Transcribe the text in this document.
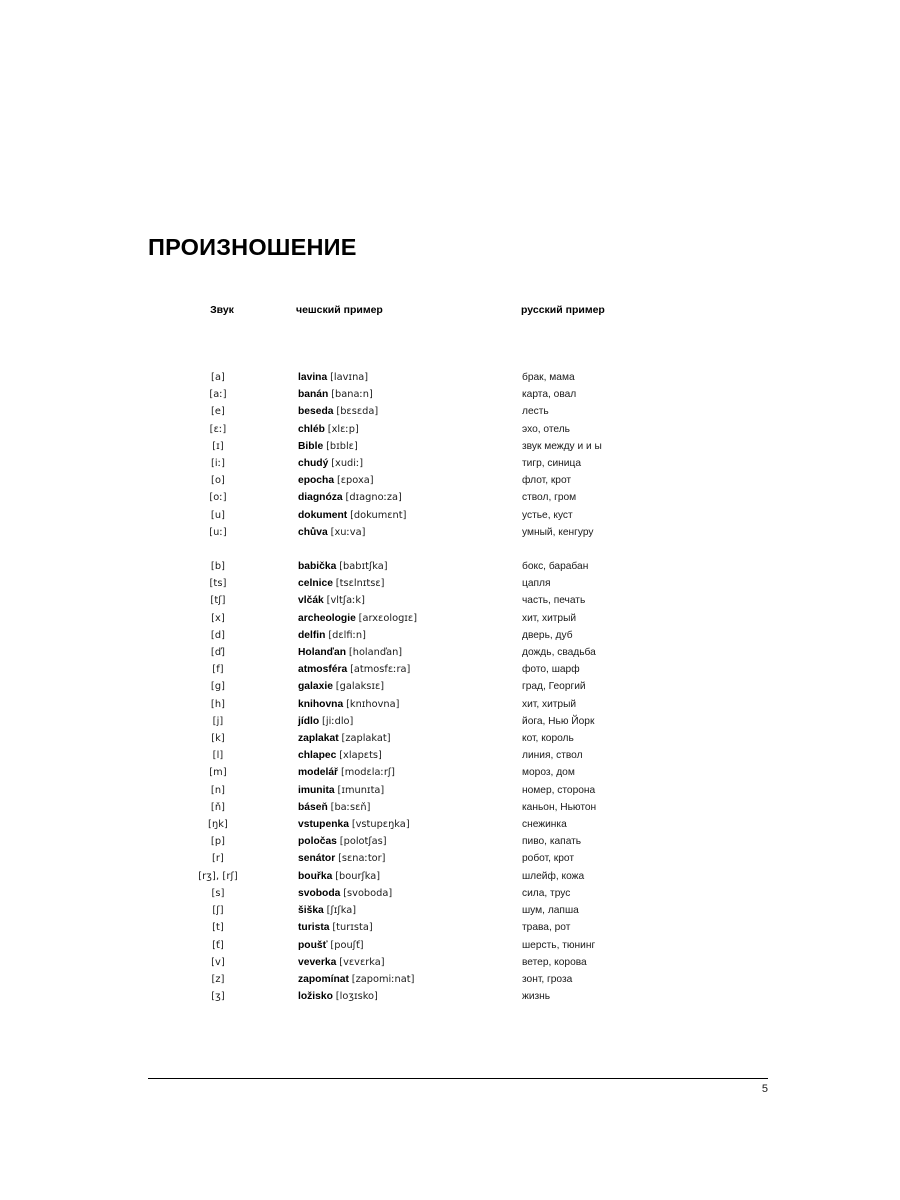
ПРОИЗНОШЕНИЕ
Звук	чешский пример	русский пример

[a]	lavina [lavɪna]	брак, мама
[aː]	banán [banaːn]	карта, овал
[e]	beseda [bɛsɛda]	лесть
[ɛː]	chléb [xlɛːp]	эхо, отель
[ɪ]	Bible [bɪblɛ]	звук между и и ы
[iː]	chudý [xudiː]	тигр, синица
[o]	epocha [ɛpoxa]	флот, крот
[oː]	diagnóza [dɪagnoːza]	ствол, гром
[u]	dokument [dokumɛnt]	устье, куст
[uː]	chůva [xuːva]	умный, кенгуру

[b]	babička [babɪtʃka]	бокс, барабан
[ts]	celnice [tsɛlnɪtsɛ]	цапля
[tʃ]	vlčák [vltʃaːk]	часть, печать
[x]	archeologie [arxɛologɪɛ]	хит, хитрый
[d]	delfin [dɛlfiːn]	дверь, дуб
[ď]	Holanďan [holanďan]	дождь, свадьба
[f]	atmosféra [atmosfɛːra]	фото, шарф
[g]	galaxie [galaksɪɛ]	град, Георгий
[h]	knihovna [knɪhovna]	хит, хитрый
[j]	jídlo [jiːdlo]	йога, Нью Йорк
[k]	zaplakat [zaplakat]	кот, король
[l]	chlapec [xlapɛts]	линия, ствол
[m]	modelář [modɛlaːrʃ]	мороз, дом
[n]	imunita [ɪmunɪta]	номер, сторона
[ň]	báseň [baːsɛň]	каньон, Ньютон
[ŋk]	vstupenka [vstupɛŋka]	снежинка
[p]	poločas [polotʃas]	пиво, капать
[r]	senátor [sɛnaːtor]	робот, крот
[rʒ], [rʃ]	bouřka [bourʃka]	шлейф, кожа
[s]	svoboda [svoboda]	сила, трус
[ʃ]	šiška [ʃɪʃka]	шум, лапша
[t]	turista [turɪsta]	трава, рот
[ť]	poušť [pouʃť]	шерсть, тюнинг
[v]	veverka [vɛvɛrka]	ветер, корова
[z]	zapomínat [zapomiːnat]	зонт, гроза
[ʒ]	ložisko [loʒɪsko]	жизнь
5
